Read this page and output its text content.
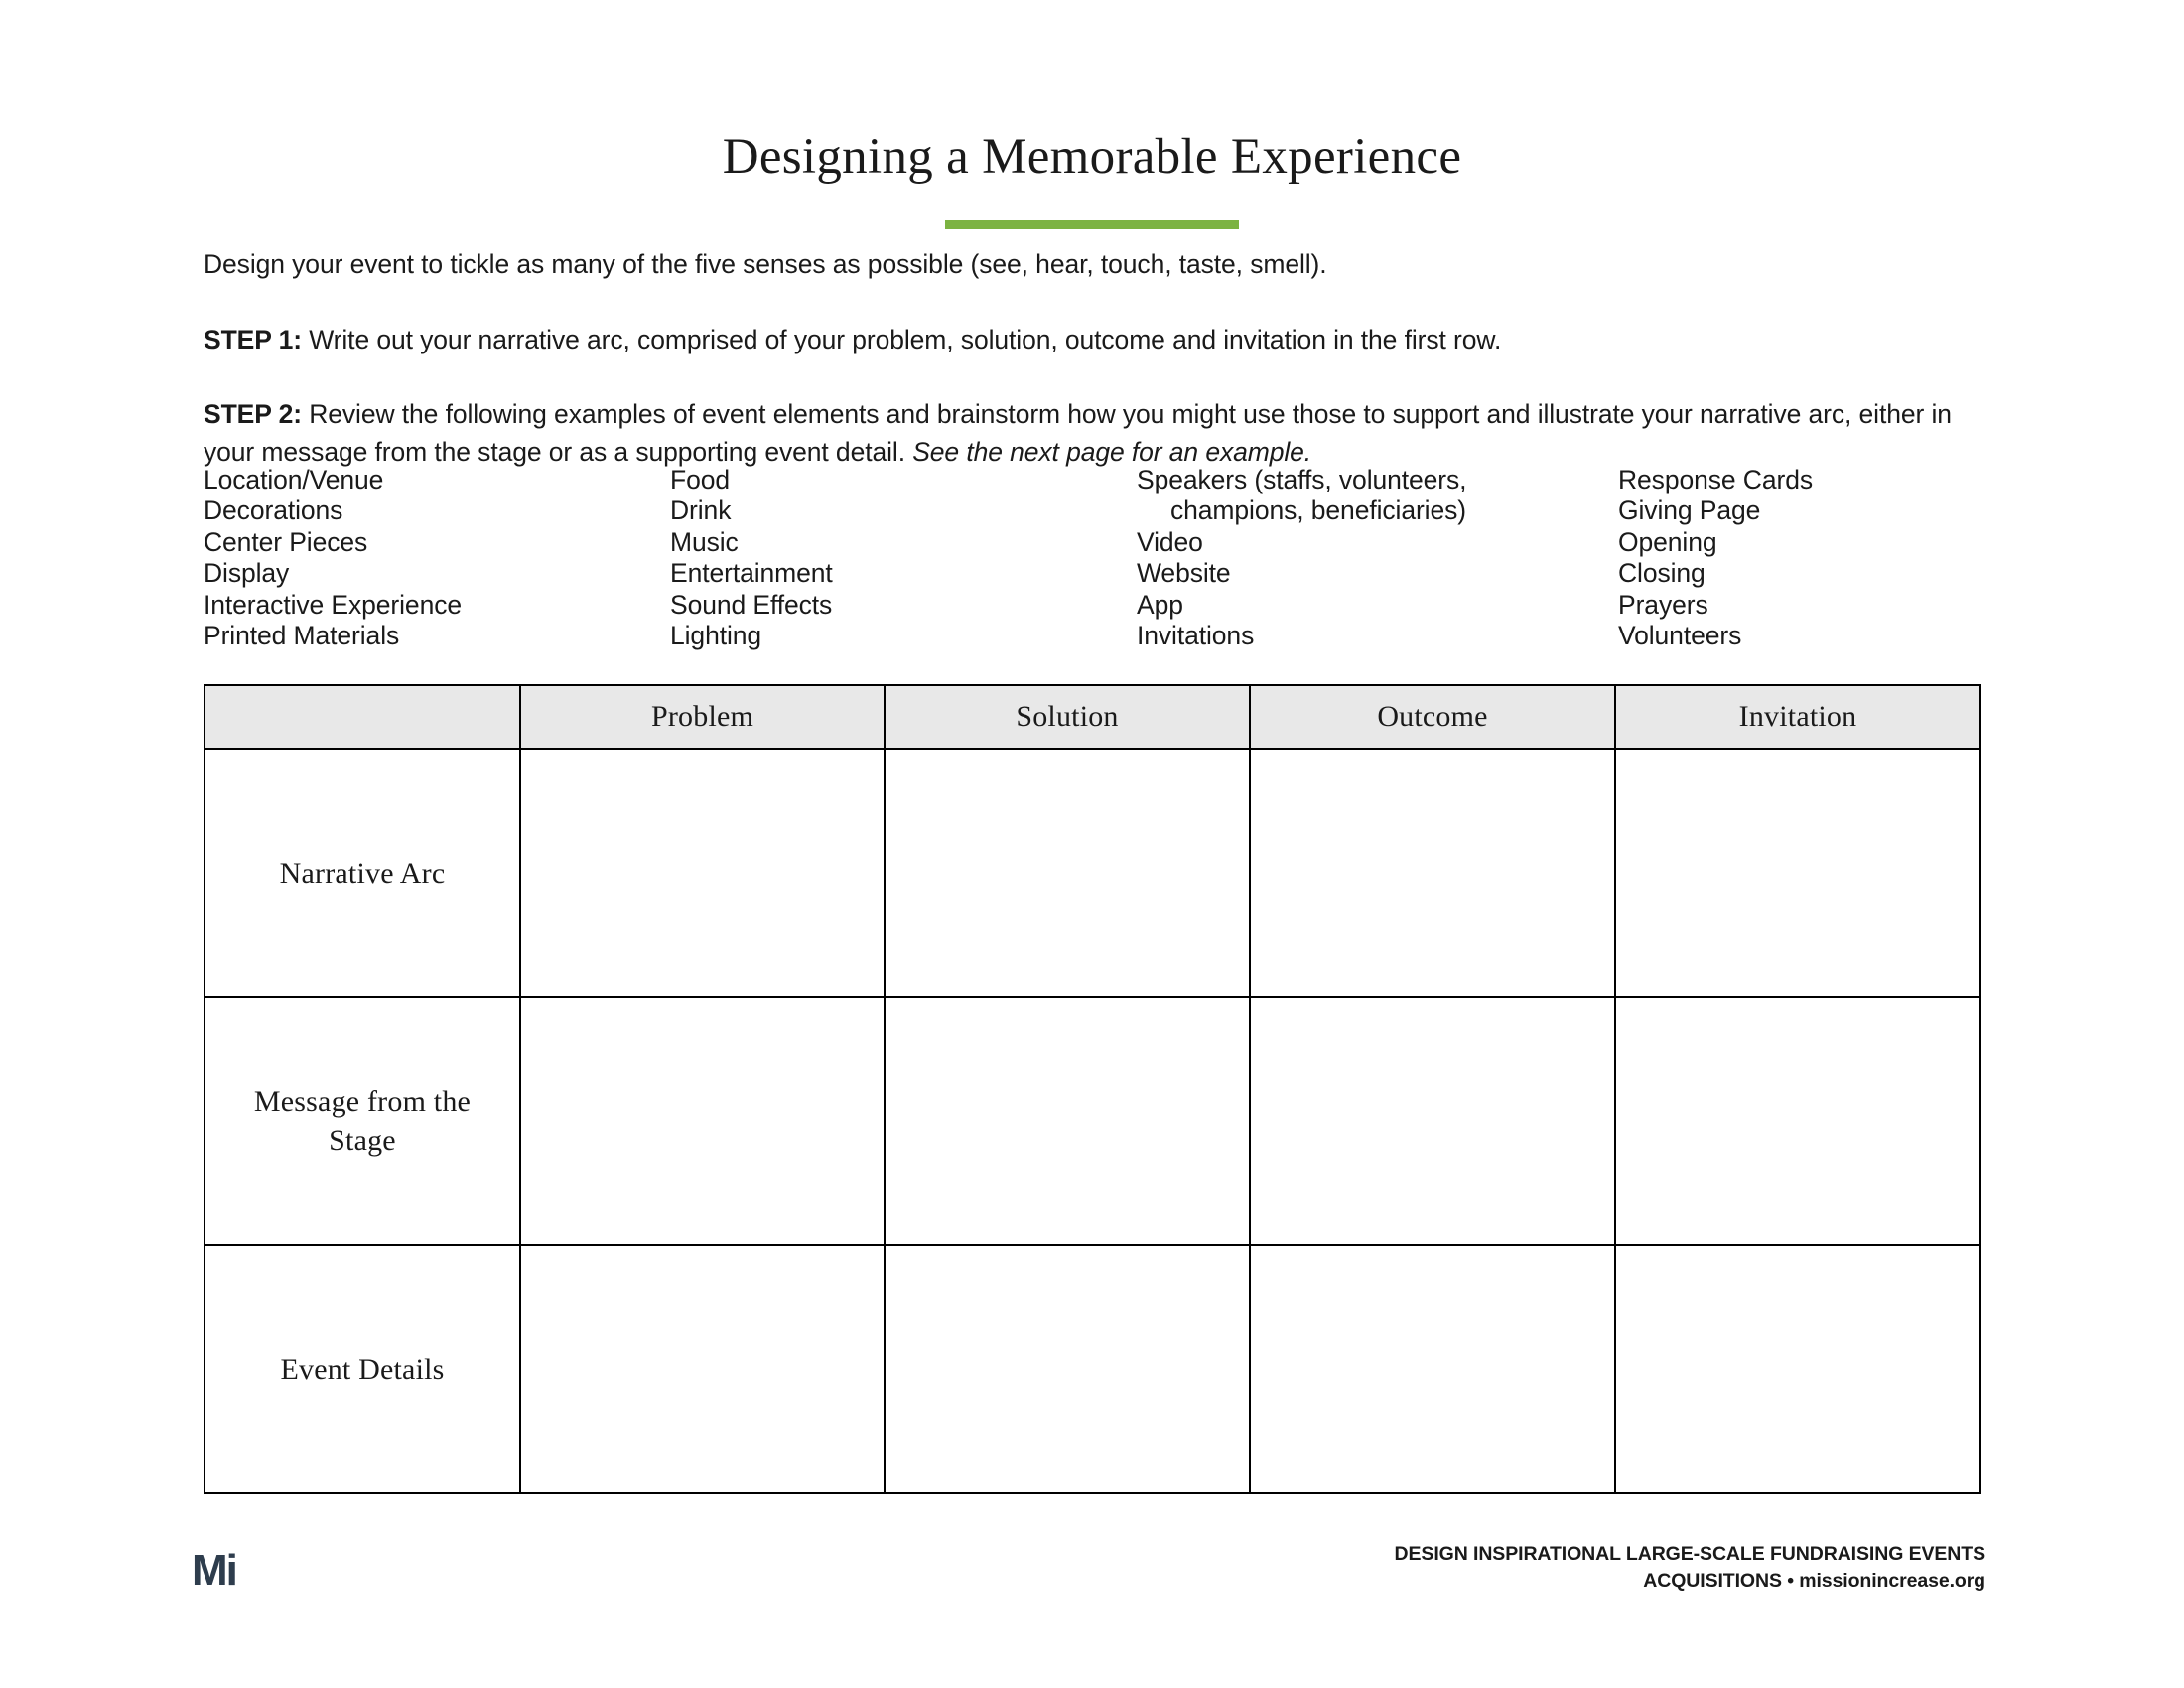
Designing a Memorable Experience

Design your event to tickle as many of the five senses as possible (see, hear, touch, taste, smell).

STEP 1: Write out your narrative arc, comprised of your problem, solution, outcome and invitation in the first row.

STEP 2: Review the following examples of event elements and brainstorm how you might use those to support and illustrate your narrative arc, either in your message from the stage or as a supporting event detail. See the next page for an example.

Location/Venue
Decorations
Center Pieces
Display
Interactive Experience
Printed Materials
Food
Drink
Music
Entertainment
Sound Effects
Lighting
Speakers (staffs, volunteers,
champions, beneficiaries)
Video
Website
App
Invitations
Response Cards
Giving Page
Opening
Closing
Prayers
Volunteers
	Problem	Solution	Outcome	Invitation
Narrative Arc				
Message from the Stage				
Event Details				
Mi	DESIGN INSPIRATIONAL LARGE-SCALE FUNDRAISING EVENTS
ACQUISITIONS • missionincrease.org
